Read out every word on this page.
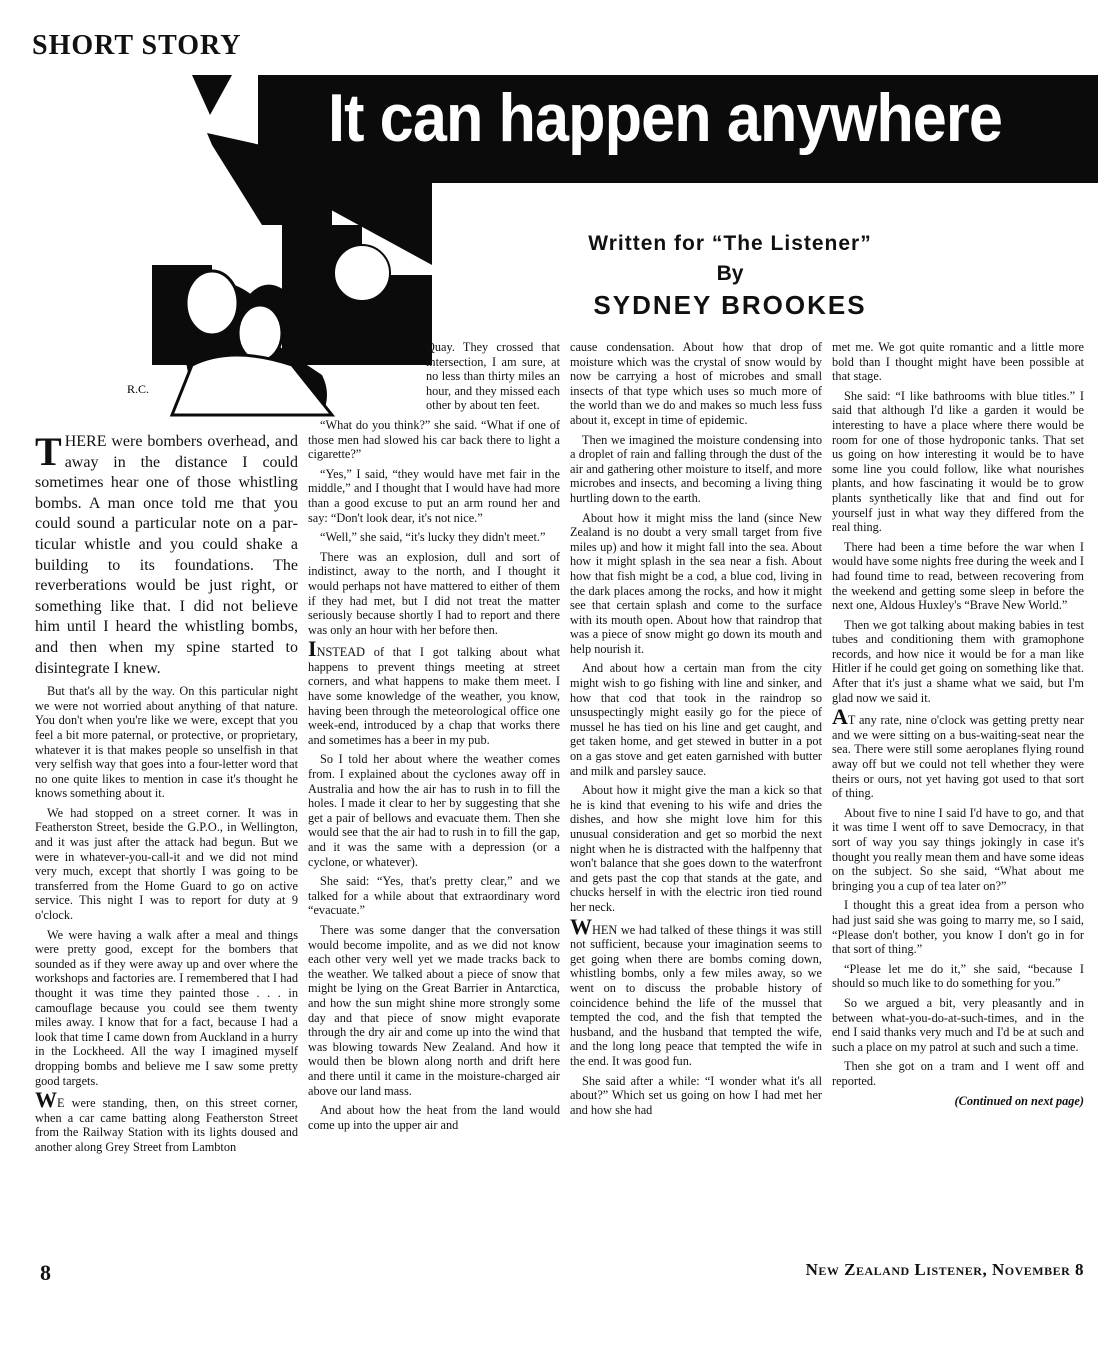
SHORT STORY
It can happen anywhere
R.C.
Written for “The Listener”
By
SYDNEY BROOKES

THERE were bombers overhead, and away in the distance I could sometimes hear one of those whistling bombs. A man once told me that you could sound a particular note on a particular whistle and you could shake a building to its foundations. The reverberations would be just right, or something like that. I did not believe him until I heard the whistling bombs, and then when my spine started to disintegrate I knew.

But that's all by the way. On this particular night we were not worried about anything of that nature. You don't when you're like we were, except that you feel a bit more paternal, or protective, or proprietary, whatever it is that makes people so unselfish in that very selfish way that goes into a four-letter word that no one quite likes to mention in case it's thought he knows something about it.

We had stopped on a street corner. It was in Featherston Street, beside the G.P.O., in Wellington, and it was just after the attack had begun. But we were in whatever-you-call-it and we did not mind very much, except that shortly I was going to be transferred from the Home Guard to go on active service. This night I was to report for duty at 9 o'clock.

We were having a walk after a meal and things were pretty good, except for the bombers that sounded as if they were away up and over where the workshops and factories are. I remembered that I had thought it was time they painted those . . . in camouflage because you could see them twenty miles away. I know that for a fact, because I had a look that time I came down from Auckland in a hurry in the Lockheed. All the way I imagined myself dropping bombs and believe me I saw some pretty good targets.

WE were standing, then, on this street corner, when a car came batting along Featherston Street from the Railway Station with its lights doused and another along Grey Street from Lambton

Quay. They crossed that intersection, I am sure, at no less than thirty miles an hour, and they missed each other by about ten feet.

“What do you think?” she said. “What if one of those men had slowed his car back there to light a cigarette?”

“Yes,” I said, “they would have met fair in the middle,” and I thought that I would have had more than a good excuse to put an arm round her and say: “Don't look dear, it's not nice.”

“Well,” she said, “it's lucky they didn't meet.”

There was an explosion, dull and sort of indistinct, away to the north, and I thought it would perhaps not have mattered to either of them if they had met, but I did not treat the matter seriously because shortly I had to report and there was only an hour with her before then.

INSTEAD of that I got talking about what happens to prevent things meeting at street corners, and what happens to make them meet. I have some knowledge of the weather, you know, having been through the meteorological office one week-end, introduced by a chap that works there and sometimes has a beer in my pub.

So I told her about where the weather comes from. I explained about the cyclones away off in Australia and how the air has to rush in to fill the holes. I made it clear to her by suggesting that she get a pair of bellows and evacuate them. Then she would see that the air had to rush in to fill the gap, and it was the same with a depression (or a cyclone, or whatever).

She said: “Yes, that's pretty clear,” and we talked for a while about that extraordinary word “evacuate.”

There was some danger that the conversation would become impolite, and as we did not know each other very well yet we made tracks back to the weather. We talked about a piece of snow that might be lying on the Great Barrier in Antarctica, and how the sun might shine more strongly some day and that piece of snow might evaporate through the dry air and come up into the wind that was blowing towards New Zealand. And how it would then be blown along north and drift here and there until it came in the moisture-charged air above our land mass.

And about how the heat from the land would come up into the upper air and

cause condensation. About how that drop of moisture which was the crystal of snow would by now be carrying a host of microbes and small insects of that type which uses so much more of the world than we do and makes so much less fuss about it, except in time of epidemic.

Then we imagined the moisture condensing into a droplet of rain and falling through the dust of the air and gathering other moisture to itself, and more microbes and insects, and becoming a living thing hurtling down to the earth.

About how it might miss the land (since New Zealand is no doubt a very small target from five miles up) and how it might fall into the sea. About how it might splash in the sea near a fish. About how that fish might be a cod, a blue cod, living in the dark places among the rocks, and how it might see that certain splash and come to the surface with its mouth open. About how that raindrop that was a piece of snow might go down its mouth and help nourish it.

And about how a certain man from the city might wish to go fishing with line and sinker, and how that cod that took in the raindrop so unsuspectingly might easily go for the piece of mussel he has tied on his line and get caught, and get taken home, and get stewed in butter in a pot on a gas stove and get eaten garnished with butter and milk and parsley sauce.

About how it might give the man a kick so that he is kind that evening to his wife and dries the dishes, and how she might love him for this unusual consideration and get so morbid the next night when he is distracted with the halfpenny that won't balance that she goes down to the waterfront and gets past the cop that stands at the gate, and chucks herself in with the electric iron tied round her neck.

WHEN we had talked of these things it was still not sufficient, because your imagination seems to get going when there are bombs coming down, whistling bombs, only a few miles away, so we went on to discuss the probable history of coincidence behind the life of the mussel that tempted the cod, and the fish that tempted the husband, and the husband that tempted the wife, and the long long peace that tempted the wife in the end. It was good fun.

She said after a while: “I wonder what it's all about?” Which set us going on how I had met her and how she had

met me. We got quite romantic and a little more bold than I thought might have been possible at that stage.

She said: “I like bathrooms with blue titles.” I said that although I'd like a garden it would be interesting to have a place where there would be room for one of those hydroponic tanks. That set us going on how interesting it would be to have some line you could follow, like what nourishes plants, and how fascinating it would be to grow plants synthetically like that and find out for yourself just in what way they differed from the real thing.

There had been a time before the war when I would have some nights free during the week and I had found time to read, between recovering from the weekend and getting some sleep in before the next one, Aldous Huxley's “Brave New World.”

Then we got talking about making babies in test tubes and conditioning them with gramophone records, and how nice it would be for a man like Hitler if he could get going on something like that. After that it's just a shame what we said, but I'm glad now we said it.

AT any rate, nine o'clock was getting pretty near and we were sitting on a bus-waiting-seat near the sea. There were still some aeroplanes flying round away off but we could not tell whether they were theirs or ours, not yet having got used to that sort of thing.

About five to nine I said I'd have to go, and that it was time I went off to save Democracy, in that sort of way you say things jokingly in case it's thought you really mean them and have some ideas on the subject. So she said, “What about me bringing you a cup of tea later on?”

I thought this a great idea from a person who had just said she was going to marry me, so I said, “Please don't bother, you know I don't go in for that sort of thing.”

“Please let me do it,” she said, “because I should so much like to do something for you.”

So we argued a bit, very pleasantly and in between what-you-do-at-such-times, and in the end I said thanks very much and I'd be at such and such a place on my patrol at such and such a time.

Then she got on a tram and I went off and reported.

(Continued on next page)

8	New Zealand Listener, November 8
